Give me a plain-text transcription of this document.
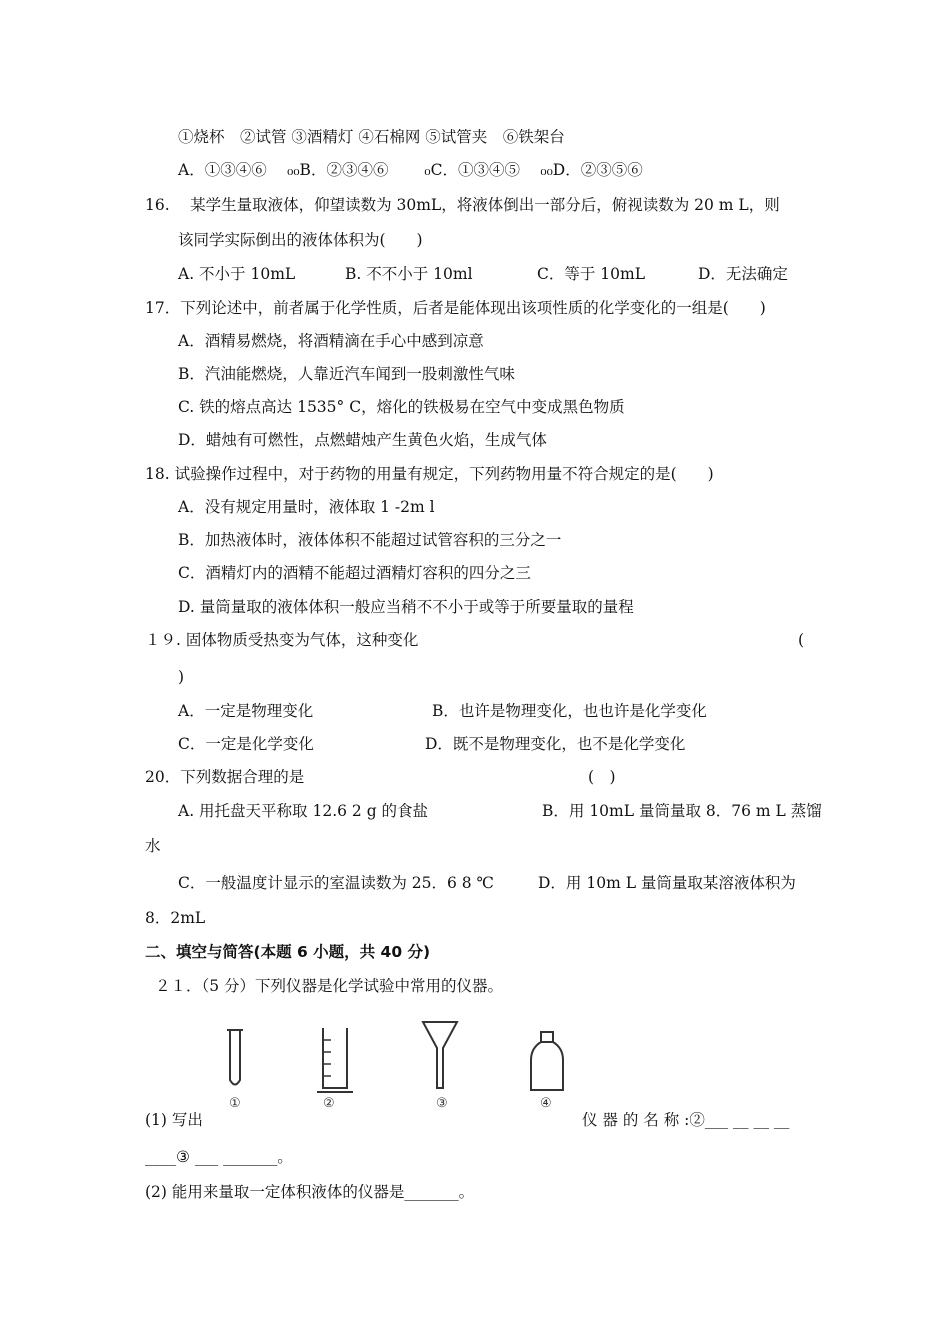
①烧杯　②试管 ③酒精灯 ④石棉网 ⑤试管夹　⑥铁架台
A．①③④⑥　 ₀₀B．②③④⑥　　 ₀C．①③④⑤　 ₀₀D．②③⑤⑥
16.　 某学生量取液体，仰望读数为 30mL，将液体倒出一部分后，俯视读数为 20 m L，则
该同学实际倒出的液体体积为(　　)
A. 不小于 10mL	B. 不不小于 10ml	C．等于 10mL	D．无法确定
17．下列论述中，前者属于化学性质，后者是能体现出该项性质的化学变化的一组是(　　)
A．酒精易燃烧，将酒精滴在手心中感到凉意
B．汽油能燃烧，人靠近汽车闻到一股刺激性气味
C. 铁的熔点高达 1535° C，熔化的铁极易在空气中变成黑色物质
D．蜡烛有可燃性，点燃蜡烛产生黄色火焰，生成气体
18. 试验操作过程中，对于药物的用量有规定，下列药物用量不符合规定的是(　　)
A．没有规定用量时，液体取 1 -2m l
B．加热液体时，液体体积不能超过试管容积的三分之一
C．酒精灯内的酒精不能超过酒精灯容积的四分之三
D. 量筒量取的液体体积一般应当稍不不小于或等于所要量取的量程
１９. 固体物质受热变为气体，这种变化	(
)
A．一定是物理变化	B．也许是物理变化，也也许是化学变化
C．一定是化学变化	D．既不是物理变化，也不是化学变化
20．下列数据合理的是	(　)
A. 用托盘天平称取 12.6 2 g 的食盐	B．用 10mL 量筒量取 8．76 m L 蒸馏
水
C．一般温度计显示的室温读数为 25．6 8 ℃	D．用 10m L 量筒量取某溶液体积为
8．2mL
二、填空与简答(本题 6 小题，共 40 分)
２１．（5 分）下列仪器是化学试验中常用的仪器。
①	②	③	④
(1) 写出	仪 器 的 名 称 :②___ __ __ __
____③ ___ _______。
(2) 能用来量取一定体积液体的仪器是_______。
